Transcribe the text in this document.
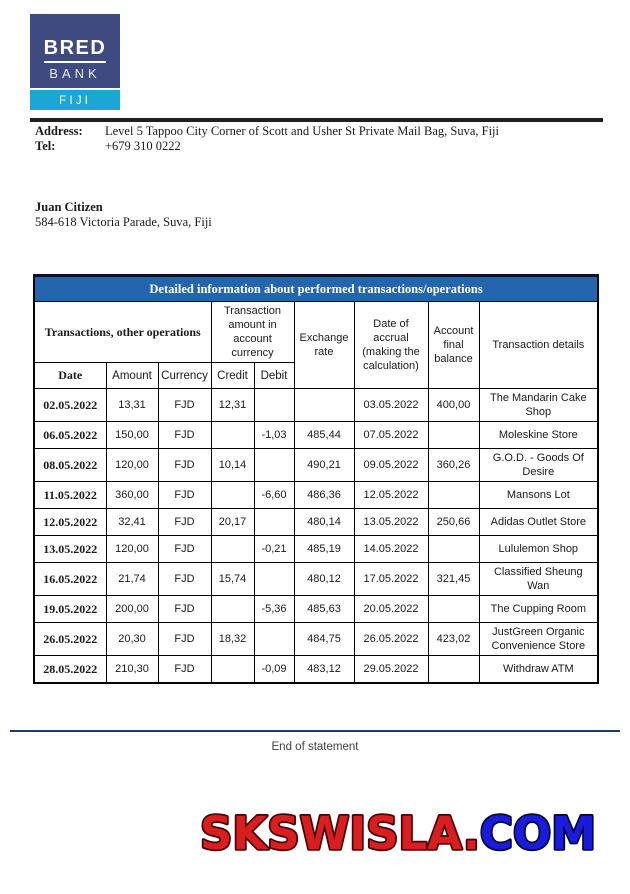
BRED
BANK
FIJI
Address:	Level 5 Tappoo City Corner of Scott and Usher St Private Mail Bag, Suva, Fiji
Tel:	+679 310 0222
Juan Citizen
584-618 Victoria Parade, Suva, Fiji
Detailed information about performed transactions/operations								
Transactions, other operations			Transaction amount in account currency		Exchange rate	Date of accrual (making the calculation)	Account final balance	Transaction details
Date	Amount	Currency	Credit	Debit				
02.05.2022	13,31	FJD	12,31			03.05.2022	400,00	The Mandarin Cake Shop
06.05.2022	150,00	FJD		-1,03	485,44	07.05.2022		Moleskine Store
08.05.2022	120,00	FJD	10,14		490,21	09.05.2022	360,26	G.O.D. - Goods Of Desire
11.05.2022	360,00	FJD		-6,60	486,36	12.05.2022		Mansons Lot
12.05.2022	32,41	FJD	20,17		480,14	13.05.2022	250,66	Adidas Outlet Store
13.05.2022	120,00	FJD		-0,21	485,19	14.05.2022		Lululemon Shop
16.05.2022	21,74	FJD	15,74		480,12	17.05.2022	321,45	Classified Sheung Wan
19.05.2022	200,00	FJD		-5,36	485,63	20.05.2022		The Cupping Room
26.05.2022	20,30	FJD	18,32		484,75	26.05.2022	423,02	JustGreen Organic Convenience Store
28.05.2022	210,30	FJD		-0,09	483,12	29.05.2022		Withdraw ATM
End of statement
SKSWISLA.COM
